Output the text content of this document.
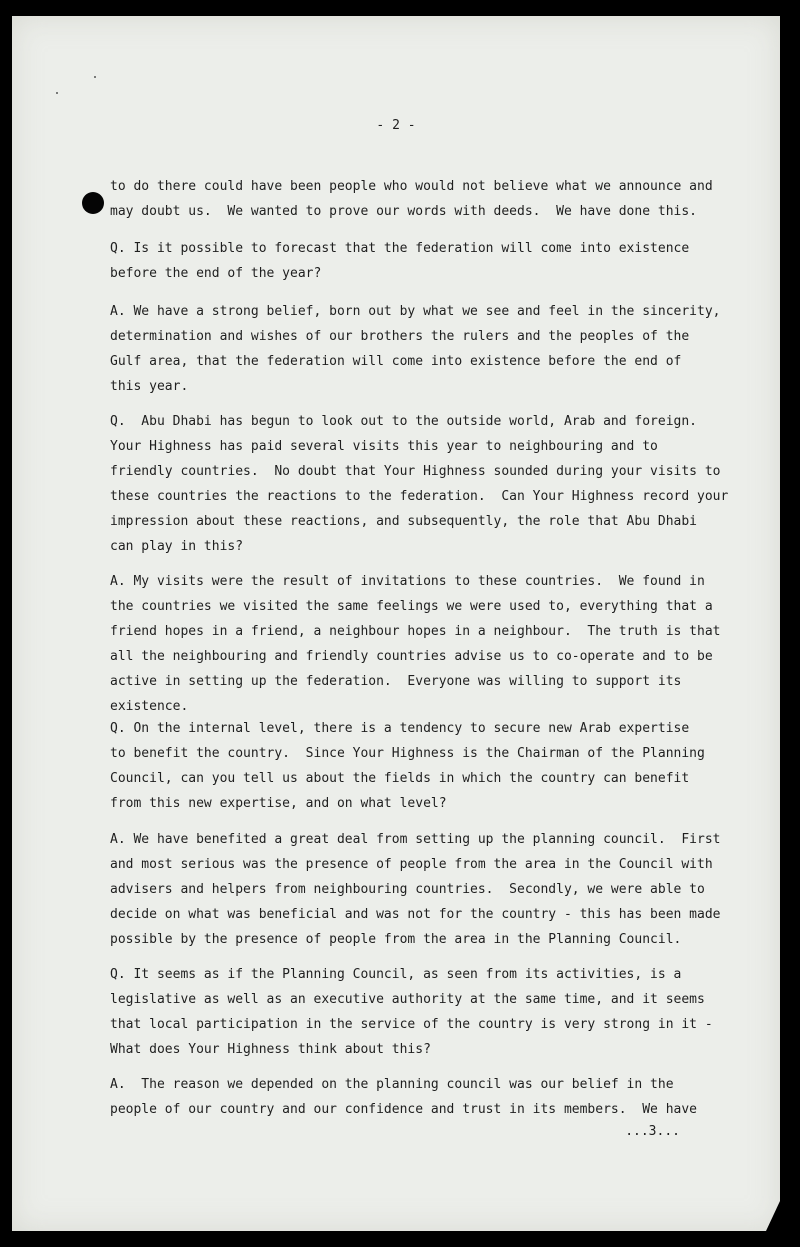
- 2 -
to do there could have been people who would not believe what we announce and
may doubt us.  We wanted to prove our words with deeds.  We have done this.
Q. Is it possible to forecast that the federation will come into existence
before the end of the year?
A. We have a strong belief, born out by what we see and feel in the sincerity,
determination and wishes of our brothers the rulers and the peoples of the
Gulf area, that the federation will come into existence before the end of
this year.
Q.  Abu Dhabi has begun to look out to the outside world, Arab and foreign.
Your Highness has paid several visits this year to neighbouring and to
friendly countries.  No doubt that Your Highness sounded during your visits to
these countries the reactions to the federation.  Can Your Highness record your
impression about these reactions, and subsequently, the role that Abu Dhabi
can play in this?
A. My visits were the result of invitations to these countries.  We found in
the countries we visited the same feelings we were used to, everything that a
friend hopes in a friend, a neighbour hopes in a neighbour.  The truth is that
all the neighbouring and friendly countries advise us to co-operate and to be
active in setting up the federation.  Everyone was willing to support its
existence.
Q. On the internal level, there is a tendency to secure new Arab expertise
to benefit the country.  Since Your Highness is the Chairman of the Planning
Council, can you tell us about the fields in which the country can benefit
from this new expertise, and on what level?
A. We have benefited a great deal from setting up the planning council.  First
and most serious was the presence of people from the area in the Council with
advisers and helpers from neighbouring countries.  Secondly, we were able to
decide on what was beneficial and was not for the country - this has been made
possible by the presence of people from the area in the Planning Council.
Q. It seems as if the Planning Council, as seen from its activities, is a
legislative as well as an executive authority at the same time, and it seems
that local participation in the service of the country is very strong in it -
What does Your Highness think about this?
A.  The reason we depended on the planning council was our belief in the
people of our country and our confidence and trust in its members.  We have
...3...
